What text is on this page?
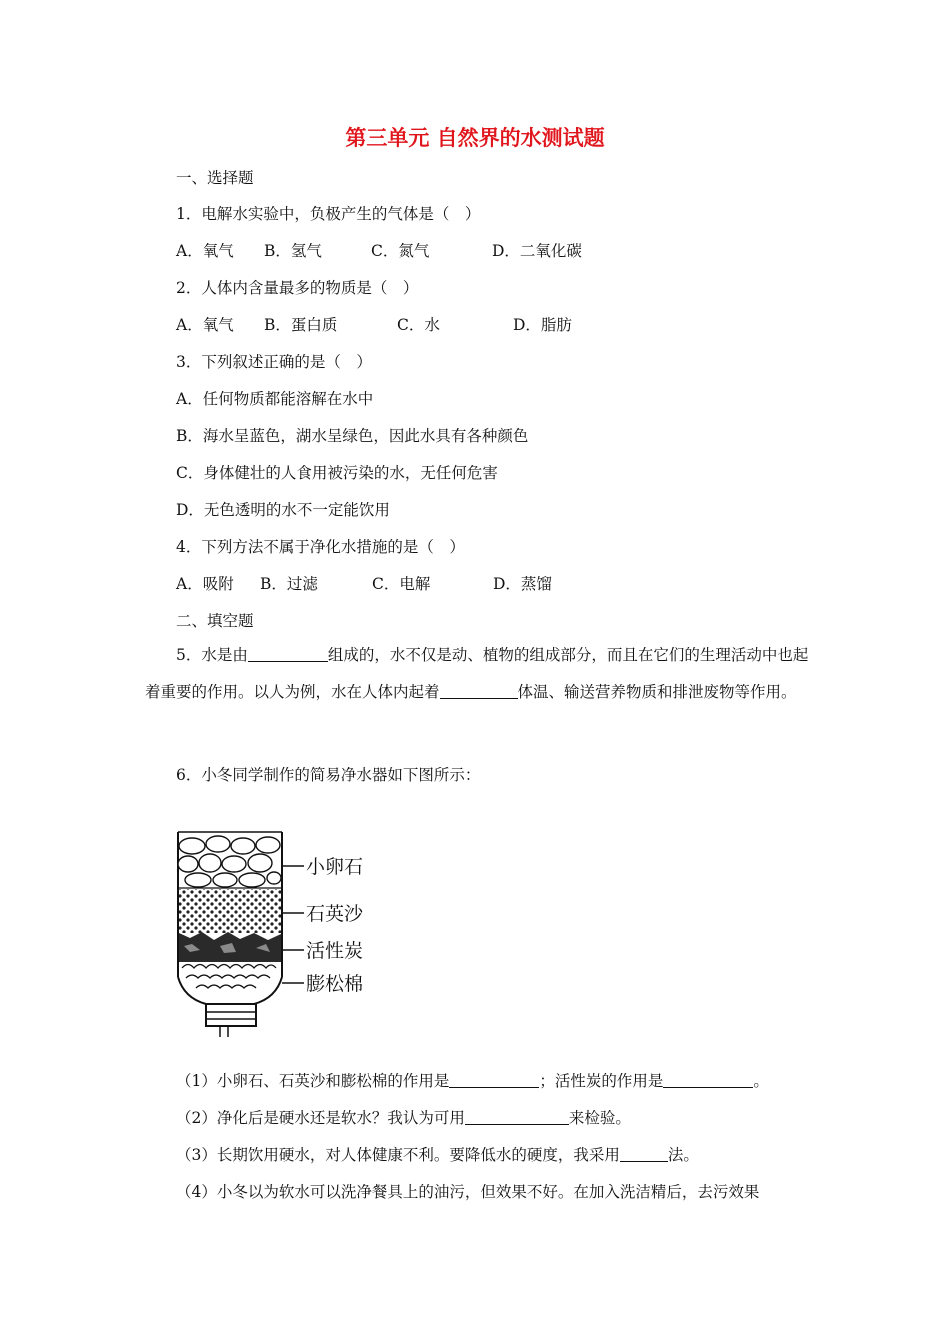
第三单元 自然界的水测试题
一、选择题
1．电解水实验中，负极产生的气体是（　）
A．氧气 B．氢气	C．氮气	D．二氧化碳
2．人体内含量最多的物质是（　）
A．氧气 B．蛋白质	C．水	D．脂肪
3．下列叙述正确的是（　）
A．任何物质都能溶解在水中
B．海水呈蓝色，湖水呈绿色，因此水具有各种颜色
C．身体健壮的人食用被污染的水，无任何危害
D．无色透明的水不一定能饮用
4．下列方法不属于净化水措施的是（　）
A．吸附 B．过滤	C．电解	D．蒸馏
二、填空题
5．水是由	组成的，水不仅是动、植物的组成部分，而且在它们的生理活动中也起着重要的作用。以人为例，水在人体内起着	体温、输送营养物质和排泄废物等作用。
6．小冬同学制作的简易净水器如下图所示：
小卵石
石英沙
活性炭
膨松棉
（1）小卵石、石英沙和膨松棉的作用是	；活性炭的作用是	。
（2）净化后是硬水还是软水？我认为可用	来检验。
（3）长期饮用硬水，对人体健康不利。要降低水的硬度，我采用	法。
（4）小冬以为软水可以洗净餐具上的油污，但效果不好。在加入洗洁精后，去污效果
